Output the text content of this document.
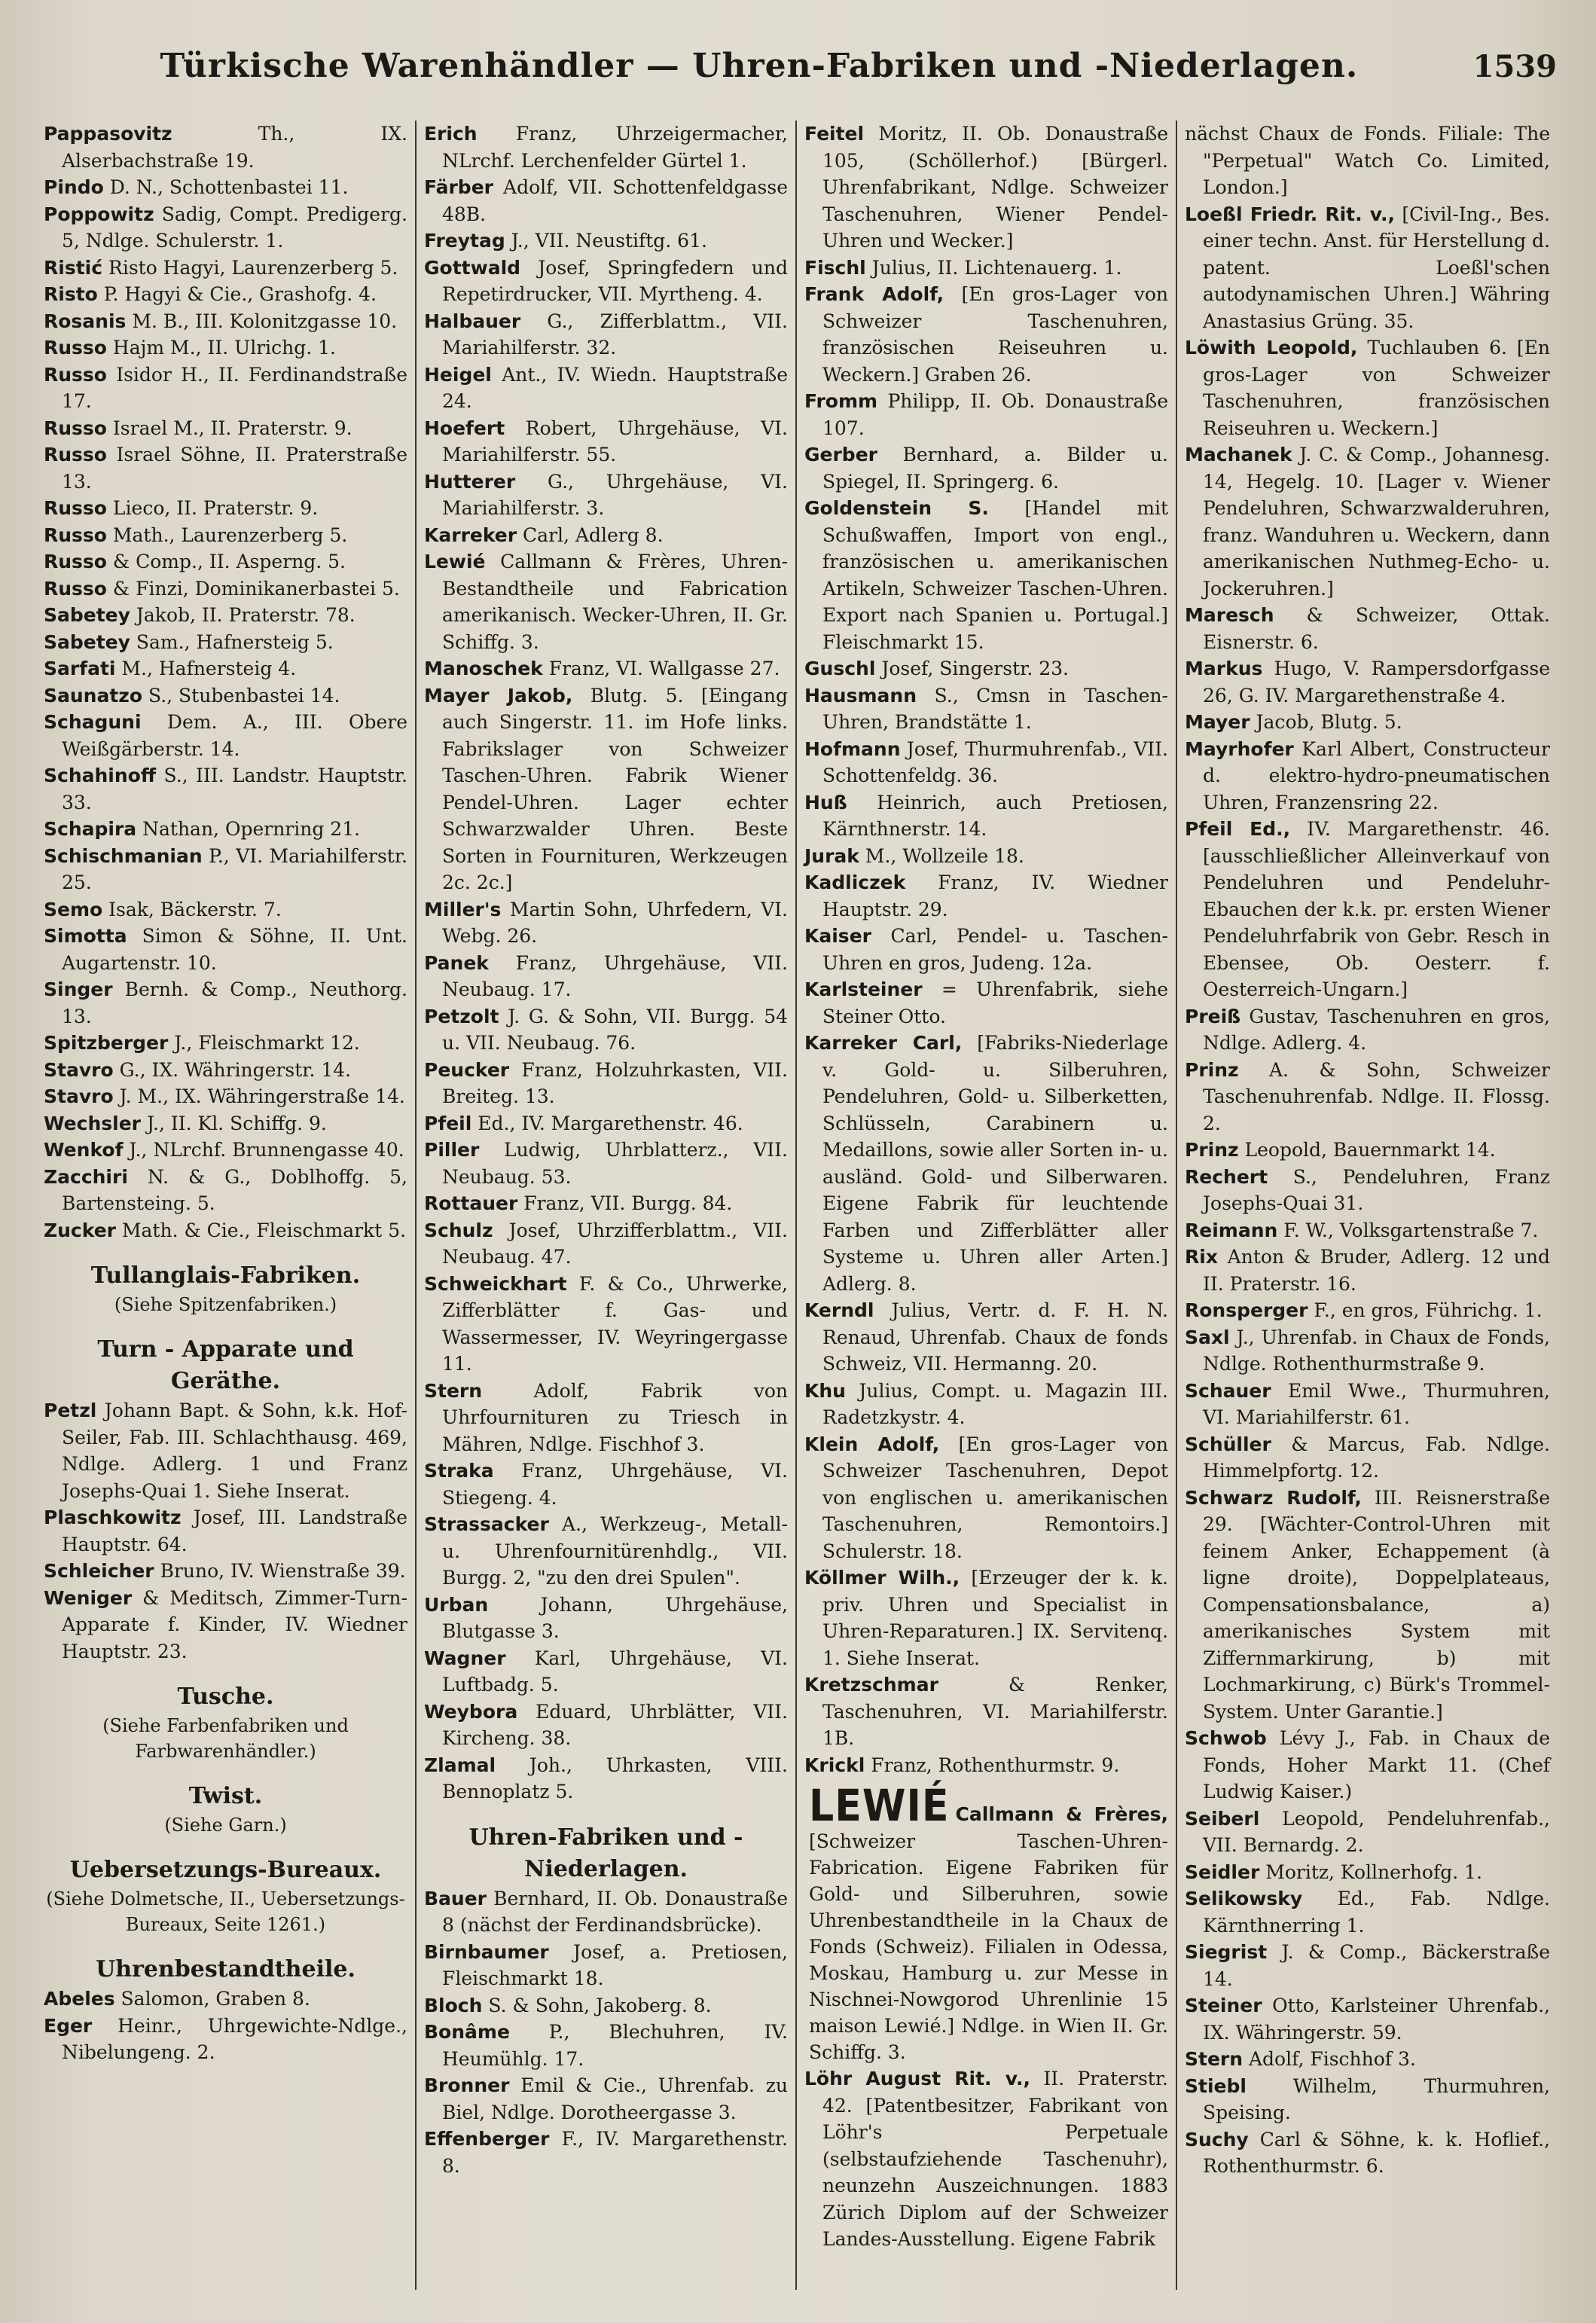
Türkische Warenhändler — Uhren-Fabriken und -Niederlagen.	1539
Pappasovitz Th., IX. Alserbachstraße 19.
Pindo D. N., Schottenbastei 11.
Poppowitz Sadig, Compt. Predigerg. 5, Ndlge. Schulerstr. 1.
Ristić Risto Hagyi, Laurenzerberg 5.
Risto P. Hagyi & Cie., Grashofg. 4.
Rosanis M. B., III. Kolonitzgasse 10.
Russo Hajm M., II. Ulrichg. 1.
Russo Isidor H., II. Ferdinandstraße 17.
Russo Israel M., II. Praterstr. 9.
Russo Israel Söhne, II. Praterstraße 13.
Russo Lieco, II. Praterstr. 9.
Russo Math., Laurenzerberg 5.
Russo & Comp., II. Asperng. 5.
Russo & Finzi, Dominikanerbastei 5.
Sabetey Jakob, II. Praterstr. 78.
Sabetey Sam., Hafnersteig 5.
Sarfati M., Hafnersteig 4.
Saunatzo S., Stubenbastei 14.
Schaguni Dem. A., III. Obere Weißgärberstr. 14.
Schahinoff S., III. Landstr. Hauptstr. 33.
Schapira Nathan, Opernring 21.
Schischmanian P., VI. Mariahilferstr. 25.
Semo Isak, Bäckerstr. 7.
Simotta Simon & Söhne, II. Unt. Augartenstr. 10.
Singer Bernh. & Comp., Neuthorg. 13.
Spitzberger J., Fleischmarkt 12.
Stavro G., IX. Währingerstr. 14.
Stavro J. M., IX. Währingerstraße 14.
Wechsler J., II. Kl. Schiffg. 9.
Wenkof J., NLrchf. Brunnengasse 40.
Zacchiri N. & G., Doblhoffg. 5, Bartensteing. 5.
Zucker Math. & Cie., Fleischmarkt 5.
Tullanglais-Fabriken.
(Siehe Spitzenfabriken.)
Turn - Apparate und Geräthe.
Petzl Johann Bapt. & Sohn, k.k. Hof-Seiler, Fab. III. Schlachthausg. 469, Ndlge. Adlerg. 1 und Franz Josephs-Quai 1. Siehe Inserat.
Plaschkowitz Josef, III. Landstraße Hauptstr. 64.
Schleicher Bruno, IV. Wienstraße 39.
Weniger & Meditsch, Zimmer-Turn-Apparate f. Kinder, IV. Wiedner Hauptstr. 23.
Tusche.
(Siehe Farbenfabriken und Farbwarenhändler.)
Twist.
(Siehe Garn.)
Uebersetzungs-Bureaux.
(Siehe Dolmetsche, II., Uebersetzungs-Bureaux, Seite 1261.)
Uhrenbestandtheile.
Abeles Salomon, Graben 8.
Eger Heinr., Uhrgewichte-Ndlge., Nibelungeng. 2.
Erich Franz, Uhrzeigermacher, NLrchf. Lerchenfelder Gürtel 1.
Färber Adolf, VII. Schottenfeldgasse 48B.
Freytag J., VII. Neustiftg. 61.
Gottwald Josef, Springfedern und Repetirdrucker, VII. Myrtheng. 4.
Halbauer G., Zifferblattm., VII. Mariahilferstr. 32.
Heigel Ant., IV. Wiedn. Hauptstraße 24.
Hoefert Robert, Uhrgehäuse, VI. Mariahilferstr. 55.
Hutterer G., Uhrgehäuse, VI. Mariahilferstr. 3.
Karreker Carl, Adlerg 8.
Lewié Callmann & Frères, Uhren-Bestandtheile und Fabrication amerikanisch. Wecker-Uhren, II. Gr. Schiffg. 3.
Manoschek Franz, VI. Wallgasse 27.
Mayer Jakob, Blutg. 5. [Eingang auch Singerstr. 11. im Hofe links. Fabrikslager von Schweizer Taschen-Uhren. Fabrik Wiener Pendel-Uhren. Lager echter Schwarzwalder Uhren. Beste Sorten in Fournituren, Werkzeugen 2c. 2c.]
Miller's Martin Sohn, Uhrfedern, VI. Webg. 26.
Panek Franz, Uhrgehäuse, VII. Neubaug. 17.
Petzolt J. G. & Sohn, VII. Burgg. 54 u. VII. Neubaug. 76.
Peucker Franz, Holzuhrkasten, VII. Breiteg. 13.
Pfeil Ed., IV. Margarethenstr. 46.
Piller Ludwig, Uhrblatterz., VII. Neubaug. 53.
Rottauer Franz, VII. Burgg. 84.
Schulz Josef, Uhrzifferblattm., VII. Neubaug. 47.
Schweickhart F. & Co., Uhrwerke, Zifferblätter f. Gas- und Wassermesser, IV. Weyringergasse 11.
Stern Adolf, Fabrik von Uhrfournituren zu Triesch in Mähren, Ndlge. Fischhof 3.
Straka Franz, Uhrgehäuse, VI. Stiegeng. 4.
Strassacker A., Werkzeug-, Metall- u. Uhrenfournitürenhdlg., VII. Burgg. 2, "zu den drei Spulen".
Urban Johann, Uhrgehäuse, Blutgasse 3.
Wagner Karl, Uhrgehäuse, VI. Luftbadg. 5.
Weybora Eduard, Uhrblätter, VII. Kircheng. 38.
Zlamal Joh., Uhrkasten, VIII. Bennoplatz 5.
Uhren-Fabriken und -Niederlagen.
Bauer Bernhard, II. Ob. Donaustraße 8 (nächst der Ferdinandsbrücke).
Birnbaumer Josef, a. Pretiosen, Fleischmarkt 18.
Bloch S. & Sohn, Jakoberg. 8.
Bonâme P., Blechuhren, IV. Heumühlg. 17.
Bronner Emil & Cie., Uhrenfab. zu Biel, Ndlge. Dorotheergasse 3.
Effenberger F., IV. Margarethenstr. 8.
Feitel Moritz, II. Ob. Donaustraße 105, (Schöllerhof.) [Bürgerl. Uhrenfabrikant, Ndlge. Schweizer Taschenuhren, Wiener Pendel-Uhren und Wecker.]
Fischl Julius, II. Lichtenauerg. 1.
Frank Adolf, [En gros-Lager von Schweizer Taschenuhren, französischen Reiseuhren u. Weckern.] Graben 26.
Fromm Philipp, II. Ob. Donaustraße 107.
Gerber Bernhard, a. Bilder u. Spiegel, II. Springerg. 6.
Goldenstein S. [Handel mit Schußwaffen, Import von engl., französischen u. amerikanischen Artikeln, Schweizer Taschen-Uhren. Export nach Spanien u. Portugal.] Fleischmarkt 15.
Guschl Josef, Singerstr. 23.
Hausmann S., Cmsn in Taschen-Uhren, Brandstätte 1.
Hofmann Josef, Thurmuhrenfab., VII. Schottenfeldg. 36.
Huß Heinrich, auch Pretiosen, Kärnthnerstr. 14.
Jurak M., Wollzeile 18.
Kadliczek Franz, IV. Wiedner Hauptstr. 29.
Kaiser Carl, Pendel- u. Taschen-Uhren en gros, Judeng. 12a.
Karlsteiner = Uhrenfabrik, siehe Steiner Otto.
Karreker Carl, [Fabriks-Niederlage v. Gold- u. Silberuhren, Pendeluhren, Gold- u. Silberketten, Schlüsseln, Carabinern u. Medaillons, sowie aller Sorten in- u. ausländ. Gold- und Silberwaren. Eigene Fabrik für leuchtende Farben und Zifferblätter aller Systeme u. Uhren aller Arten.] Adlerg. 8.
Kerndl Julius, Vertr. d. F. H. N. Renaud, Uhrenfab. Chaux de fonds Schweiz, VII. Hermanng. 20.
Khu Julius, Compt. u. Magazin III. Radetzkystr. 4.
Klein Adolf, [En gros-Lager von Schweizer Taschenuhren, Depot von englischen u. amerikanischen Taschenuhren, Remontoirs.] Schulerstr. 18.
Köllmer Wilh., [Erzeuger der k. k. priv. Uhren und Specialist in Uhren-Reparaturen.] IX. Servitenq. 1. Siehe Inserat.
Kretzschmar & Renker, Taschenuhren, VI. Mariahilferstr. 1B.
Krickl Franz, Rothenthurmstr. 9.
LEWIÉ Callmann & Frères, [Schweizer Taschen-Uhren-Fabrication. Eigene Fabriken für Gold- und Silberuhren, sowie Uhrenbestandtheile in la Chaux de Fonds (Schweiz). Filialen in Odessa, Moskau, Hamburg u. zur Messe in Nischnei-Nowgorod Uhrenlinie 15 maison Lewié.] Ndlge. in Wien II. Gr. Schiffg. 3.
Löhr August Rit. v., II. Praterstr. 42. [Patentbesitzer, Fabrikant von Löhr's Perpetuale (selbstaufziehende Taschenuhr), neunzehn Auszeichnungen. 1883 Zürich Diplom auf der Schweizer Landes-Ausstellung. Eigene Fabrik
nächst Chaux de Fonds. Filiale: The "Perpetual" Watch Co. Limited, London.]
Loeßl Friedr. Rit. v., [Civil-Ing., Bes. einer techn. Anst. für Herstellung d. patent. Loeßl'schen autodynamischen Uhren.] Währing Anastasius Grüng. 35.
Löwith Leopold, Tuchlauben 6. [En gros-Lager von Schweizer Taschenuhren, französischen Reiseuhren u. Weckern.]
Machanek J. C. & Comp., Johannesg. 14, Hegelg. 10. [Lager v. Wiener Pendeluhren, Schwarzwalderuhren, franz. Wanduhren u. Weckern, dann amerikanischen Nuthmeg-Echo- u. Jockeruhren.]
Maresch & Schweizer, Ottak. Eisnerstr. 6.
Markus Hugo, V. Rampersdorfgasse 26, G. IV. Margarethenstraße 4.
Mayer Jacob, Blutg. 5.
Mayrhofer Karl Albert, Constructeur d. elektro-hydro-pneumatischen Uhren, Franzensring 22.
Pfeil Ed., IV. Margarethenstr. 46. [ausschließlicher Alleinverkauf von Pendeluhren und Pendeluhr-Ebauchen der k.k. pr. ersten Wiener Pendeluhrfabrik von Gebr. Resch in Ebensee, Ob. Oesterr. f. Oesterreich-Ungarn.]
Preiß Gustav, Taschenuhren en gros, Ndlge. Adlerg. 4.
Prinz A. & Sohn, Schweizer Taschenuhrenfab. Ndlge. II. Flossg. 2.
Prinz Leopold, Bauernmarkt 14.
Rechert S., Pendeluhren, Franz Josephs-Quai 31.
Reimann F. W., Volksgartenstraße 7.
Rix Anton & Bruder, Adlerg. 12 und II. Praterstr. 16.
Ronsperger F., en gros, Führichg. 1.
Saxl J., Uhrenfab. in Chaux de Fonds, Ndlge. Rothenthurmstraße 9.
Schauer Emil Wwe., Thurmuhren, VI. Mariahilferstr. 61.
Schüller & Marcus, Fab. Ndlge. Himmelpfortg. 12.
Schwarz Rudolf, III. Reisnerstraße 29. [Wächter-Control-Uhren mit feinem Anker, Echappement (à ligne droite), Doppelplateaus, Compensationsbalance, a) amerikanisches System mit Ziffernmarkirung, b) mit Lochmarkirung, c) Bürk's Trommel-System. Unter Garantie.]
Schwob Lévy J., Fab. in Chaux de Fonds, Hoher Markt 11. (Chef Ludwig Kaiser.)
Seiberl Leopold, Pendeluhrenfab., VII. Bernardg. 2.
Seidler Moritz, Kollnerhofg. 1.
Selikowsky Ed., Fab. Ndlge. Kärnthnerring 1.
Siegrist J. & Comp., Bäckerstraße 14.
Steiner Otto, Karlsteiner Uhrenfab., IX. Währingerstr. 59.
Stern Adolf, Fischhof 3.
Stiebl Wilhelm, Thurmuhren, Speising.
Suchy Carl & Söhne, k. k. Hoflief., Rothenthurmstr. 6.
